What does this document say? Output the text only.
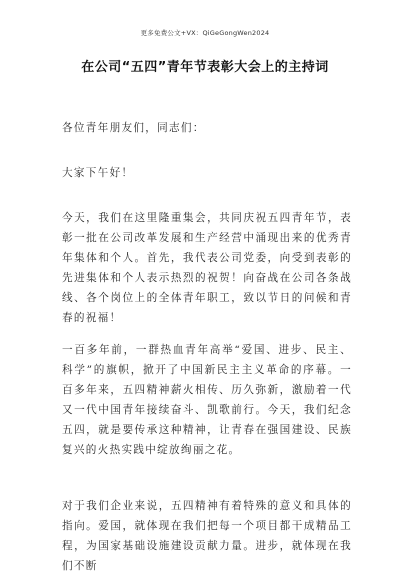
更多免费公文+VX：QiGeGongWen2024
在公司“五四”青年节表彰大会上的主持词
各位青年朋友们，同志们：
大家下午好！
今天，我们在这里隆重集会，共同庆祝五四青年节，表彰一批在公司改革发展和生产经营中涌现出来的优秀青年集体和个人。首先，我代表公司党委，向受到表彰的先进集体和个人表示热烈的祝贺！向奋战在公司各条战线、各个岗位上的全体青年职工，致以节日的问候和青春的祝福！
一百多年前，一群热血青年高举“爱国、进步、民主、科学”的旗帜，掀开了中国新民主主义革命的序幕。一百多年来，五四精神薪火相传、历久弥新，激励着一代又一代中国青年接续奋斗、凯歌前行。今天，我们纪念五四，就是要传承这种精神，让青春在强国建设、民族复兴的火热实践中绽放绚丽之花。
对于我们企业来说，五四精神有着特殊的意义和具体的指向。爱国，就体现在我们把每一个项目都干成精品工程，为国家基础设施建设贡献力量。进步，就体现在我们不断
